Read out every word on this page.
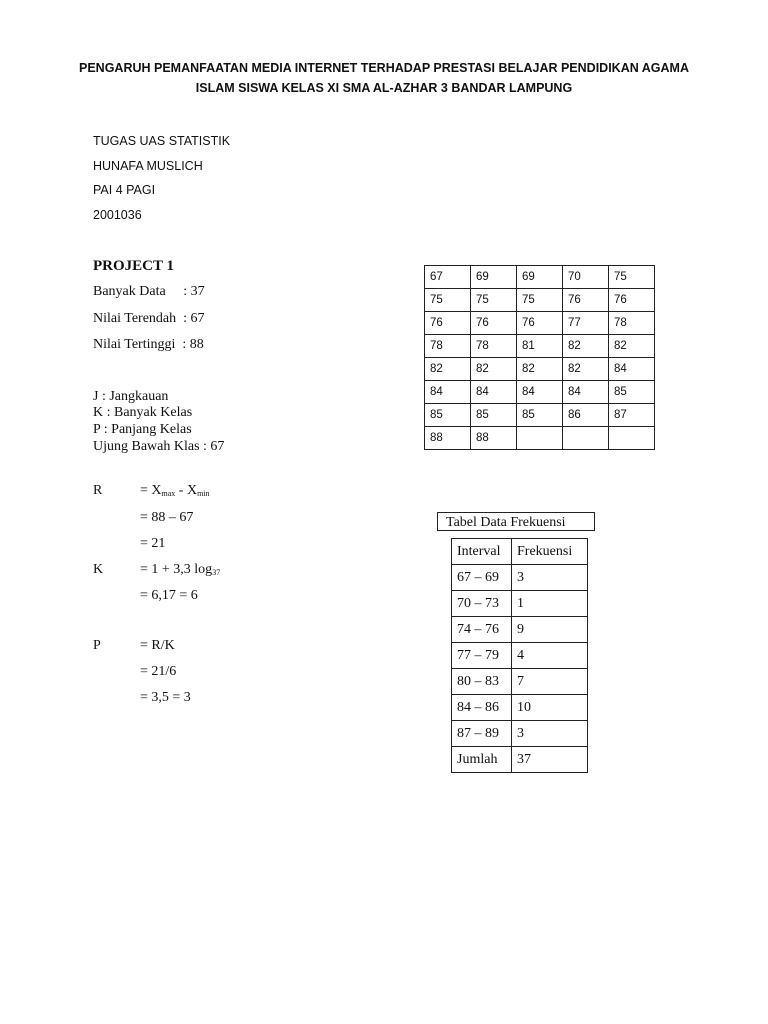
PENGARUH PEMANFAATAN MEDIA INTERNET TERHADAP PRESTASI BELAJAR PENDIDIKAN AGAMA
ISLAM SISWA KELAS XI SMA AL-AZHAR 3 BANDAR LAMPUNG
TUGAS UAS STATISTIK
HUNAFA MUSLICH
PAI 4 PAGI
2001036
PROJECT 1
Banyak Data     : 37
Nilai Terendah  : 67
Nilai Tertinggi  : 88
J : Jangkauan
K : Banyak Kelas
P : Panjang Kelas
Ujung Bawah Klas : 67
R	= $X_{max} - X_{min}$
= 88 – 67
= 21
K	= 1 + 3,3 $\log_{37}$
= 6,17 = 6
P	= R/K
= 21/6
= 3,5 = 3
67	69	69	70	75
75	75	75	76	76
76	76	76	77	78
78	78	81	82	82
82	82	82	82	84
84	84	84	84	85
85	85	85	86	87
88	88			
Tabel Data Frekuensi
Interval	Frekuensi
67 – 69	3
70 – 73	1
74 – 76	9
77 – 79	4
80 – 83	7
84 – 86	10
87 – 89	3
Jumlah	37
